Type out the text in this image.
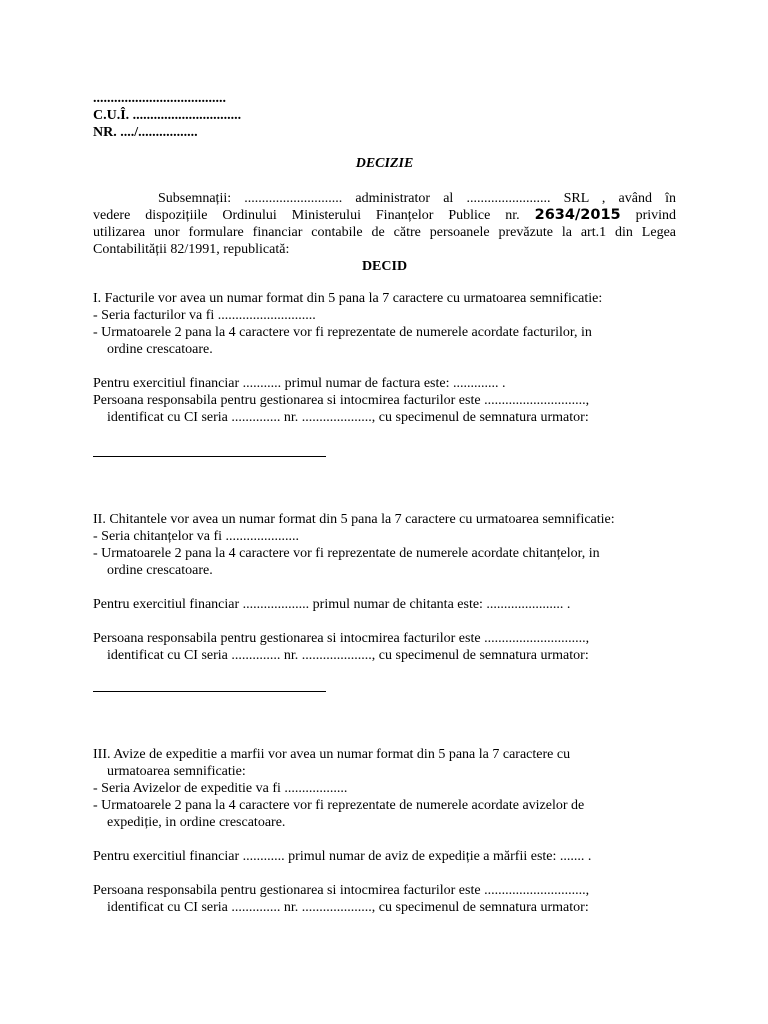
......................................
C.U.Î. ...............................
NR. ..../.................
DECIZIE
Subsemnații: ............................ administrator al ........................ SRL , având în
vedere dispozițiile Ordinului Ministerului Finanțelor Publice nr. 2634/2015 privind
utilizarea unor formulare financiar contabile de către persoanele prevăzute la art.1 din Legea
Contabilității 82/1991, republicată:
DECID
I. Facturile vor avea un numar format din 5 pana la 7 caractere cu urmatoarea semnificatie:
- Seria facturilor va fi ............................
- Urmatoarele 2 pana la 4 caractere vor fi reprezentate de numerele acordate facturilor, in
ordine crescatoare.
Pentru exercitiul financiar ........... primul numar de factura este: ............. .
Persoana responsabila pentru gestionarea si intocmirea facturilor este .............................,
identificat cu CI seria .............. nr. ...................., cu specimenul de semnatura urmator:
II. Chitantele vor avea un numar format din 5 pana la 7 caractere cu urmatoarea semnificatie:
- Seria chitanțelor va fi .....................
- Urmatoarele 2 pana la 4 caractere vor fi reprezentate de numerele acordate chitanțelor, in
ordine crescatoare.
Pentru exercitiul financiar ................... primul numar de chitanta este: ...................... .
Persoana responsabila pentru gestionarea si intocmirea facturilor este .............................,
identificat cu CI seria .............. nr. ...................., cu specimenul de semnatura urmator:
III. Avize de expeditie a marfii vor avea un numar format din 5 pana la 7 caractere cu
urmatoarea semnificatie:
- Seria Avizelor de expeditie va fi ..................
- Urmatoarele 2 pana la 4 caractere vor fi reprezentate de numerele acordate avizelor de
expediție, in ordine crescatoare.
Pentru exercitiul financiar ............ primul numar de aviz de expediție a mărfii este: ....... .
Persoana responsabila pentru gestionarea si intocmirea facturilor este .............................,
identificat cu CI seria .............. nr. ...................., cu specimenul de semnatura urmator:
